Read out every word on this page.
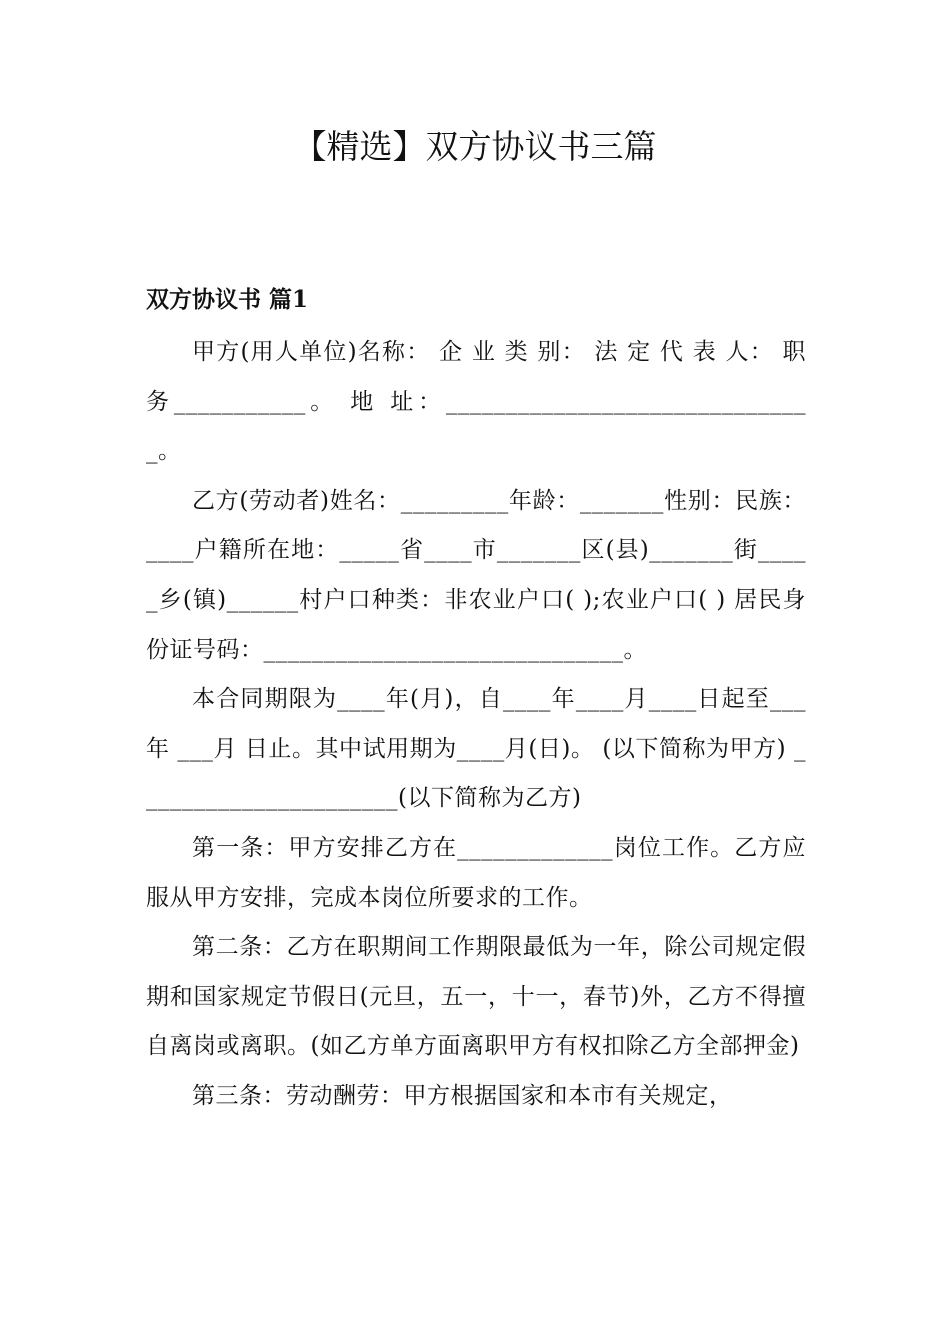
【精选】双方协议书三篇
双方协议书 篇1

甲方(用人单位)名称： 企 业 类 别： 法 定 代 表 人： 职务___________。 地 址：_______________________________。

乙方(劳动者)姓名：_________年龄：_______性别：民族：____户籍所在地：_____省____市_______区(县)_______街_____乡(镇)______村户口种类：非农业户口( );农业户口( ) 居民身份证号码：______________________________。

本合同期限为____年(月)，自____年____月____日起至___年 ___月 日止。其中试用期为____月(日)。 (以下简称为甲方) ______________________(以下简称为乙方)

第一条：甲方安排乙方在_____________岗位工作。乙方应服从甲方安排，完成本岗位所要求的工作。

第二条：乙方在职期间工作期限最低为一年，除公司规定假期和国家规定节假日(元旦，五一，十一，春节)外，乙方不得擅自离岗或离职。(如乙方单方面离职甲方有权扣除乙方全部押金)

第三条：劳动酬劳：甲方根据国家和本市有关规定，
